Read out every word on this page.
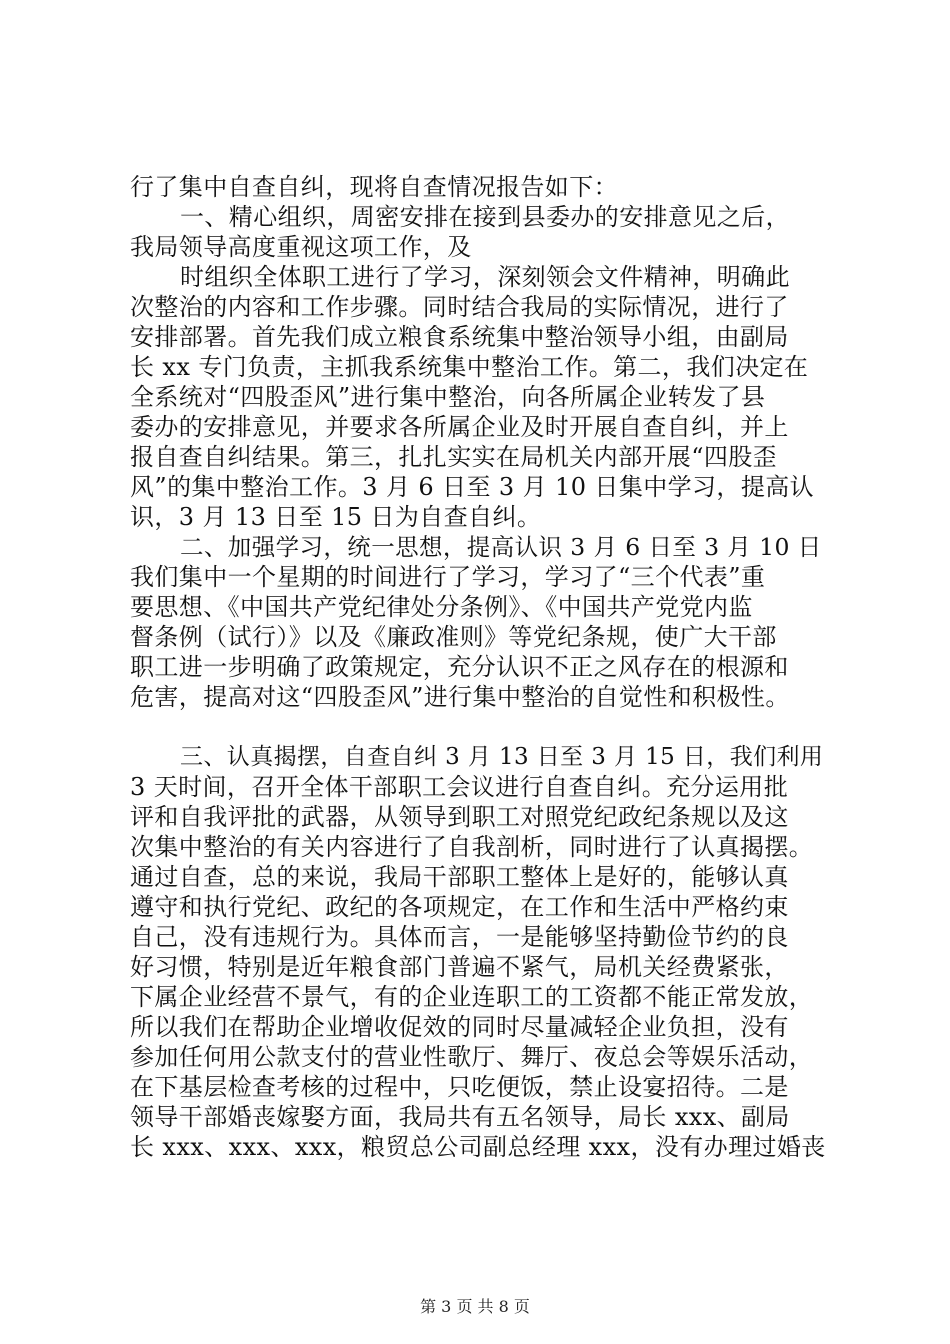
行了集中自查自纠，现将自查情况报告如下：
一、精心组织，周密安排在接到县委办的安排意见之后，
我局领导高度重视这项工作，及
时组织全体职工进行了学习，深刻领会文件精神，明确此
次整治的内容和工作步骤。同时结合我局的实际情况，进行了
安排部署。首先我们成立粮食系统集中整治领导小组，由副局
长 xx 专门负责，主抓我系统集中整治工作。第二，我们决定在
全系统对“四股歪风”进行集中整治，向各所属企业转发了县
委办的安排意见，并要求各所属企业及时开展自查自纠，并上
报自查自纠结果。第三，扎扎实实在局机关内部开展“四股歪
风”的集中整治工作。3 月 6 日至 3 月 10 日集中学习，提高认
识，3 月 13 日至 15 日为自查自纠。
二、加强学习，统一思想，提高认识 3 月 6 日至 3 月 10 日
我们集中一个星期的时间进行了学习，学习了“三个代表”重
要思想、《中国共产党纪律处分条例》、《中国共产党党内监
督条例（试行）》以及《廉政准则》等党纪条规，使广大干部
职工进一步明确了政策规定，充分认识不正之风存在的根源和
危害，提高对这“四股歪风”进行集中整治的自觉性和积极性。
三、认真揭摆，自查自纠 3 月 13 日至 3 月 15 日，我们利用
3 天时间，召开全体干部职工会议进行自查自纠。充分运用批
评和自我评批的武器，从领导到职工对照党纪政纪条规以及这
次集中整治的有关内容进行了自我剖析，同时进行了认真揭摆。
通过自查，总的来说，我局干部职工整体上是好的，能够认真
遵守和执行党纪、政纪的各项规定，在工作和生活中严格约束
自己，没有违规行为。具体而言，一是能够坚持勤俭节约的良
好习惯，特别是近年粮食部门普遍不紧气，局机关经费紧张，
下属企业经营不景气，有的企业连职工的工资都不能正常发放，
所以我们在帮助企业增收促效的同时尽量减轻企业负担，没有
参加任何用公款支付的营业性歌厅、舞厅、夜总会等娱乐活动，
在下基层检查考核的过程中，只吃便饭，禁止设宴招待。二是
领导干部婚丧嫁娶方面，我局共有五名领导，局长 xxx、副局
长 xxx、xxx、xxx，粮贸总公司副总经理 xxx，没有办理过婚丧
第 3 页 共 8 页
